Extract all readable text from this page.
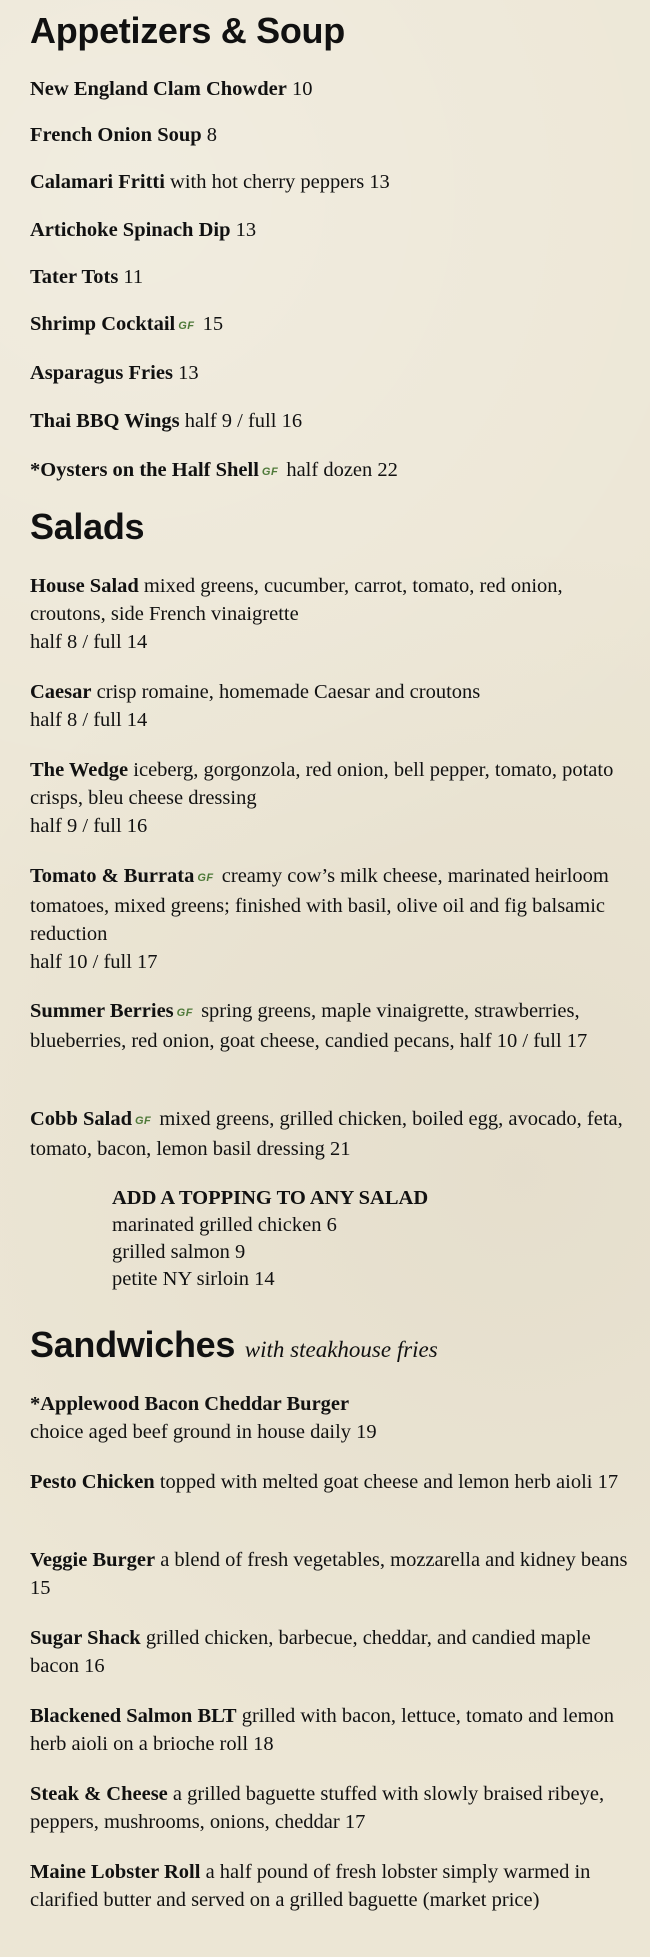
Appetizers & Soup
New England Clam Chowder 10
French Onion Soup 8
Calamari Fritti with hot cherry peppers 13
Artichoke Spinach Dip 13
Tater Tots 11
Shrimp Cocktail GF 15
Asparagus Fries 13
Thai BBQ Wings half 9 / full 16
*Oysters on the Half Shell GF half dozen 22
Salads
House Salad mixed greens, cucumber, carrot, tomato, red onion, croutons, side French vinaigrette
half 8 / full 14
Caesar crisp romaine, homemade Caesar and croutons
half 8 / full 14
The Wedge iceberg, gorgonzola, red onion, bell pepper, tomato, potato crisps, bleu cheese dressing
half 9 / full 16
Tomato & Burrata GF creamy cow’s milk cheese, marinated heirloom tomatoes, mixed greens; finished with basil, olive oil and fig balsamic reduction
half 10 / full 17
Summer Berries GF spring greens, maple vinaigrette, strawberries, blueberries, red onion, goat cheese, candied pecans, half 10 / full 17
Cobb Salad GF mixed greens, grilled chicken, boiled egg, avocado, feta, tomato, bacon, lemon basil dressing 21
ADD A TOPPING TO ANY SALAD
marinated grilled chicken 6
grilled salmon 9
petite NY sirloin 14
Sandwiches with steakhouse fries
*Applewood Bacon Cheddar Burger
choice aged beef ground in house daily 19
Pesto Chicken topped with melted goat cheese and lemon herb aioli 17
Veggie Burger a blend of fresh vegetables, mozzarella and kidney beans 15
Sugar Shack grilled chicken, barbecue, cheddar, and candied maple bacon 16
Blackened Salmon BLT grilled with bacon, lettuce, tomato and lemon herb aioli on a brioche roll 18
Steak & Cheese a grilled baguette stuffed with slowly braised ribeye, peppers, mushrooms, onions, cheddar 17
Maine Lobster Roll a half pound of fresh lobster simply warmed in clarified butter and served on a grilled baguette (market price)
